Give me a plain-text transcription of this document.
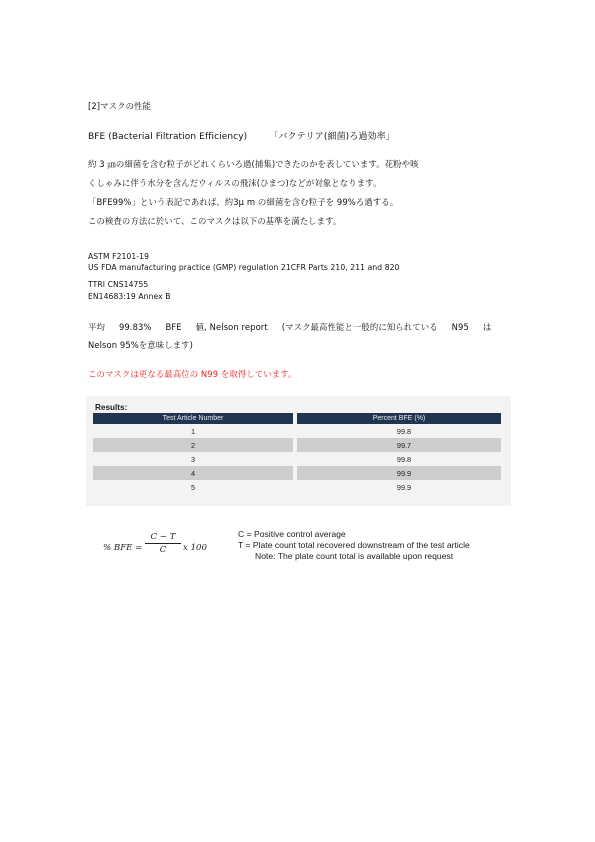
[2]マスクの性能
BFE (Bacterial Filtration Efficiency) 「バクテリア(細菌)ろ過効率」
約 3 ㎛の細菌を含む粒子がどれくらいろ過(捕集)できたのかを表しています。花粉や咳
くしゃみに伴う水分を含んだウィルスの飛沫(ひまつ)などが対象となります。
「BFE99%」という表記であれば、約3μ m の細菌を含む粒子を 99%ろ過する。
この検査の方法に於いて、このマスクは以下の基準を満たします。
ASTM F2101-19
US FDA manufacturing practice (GMP) regulation 21CFR Parts 210, 211 and 820
TTRI CNS14755
EN14683:19 Annex B
平均 99.83% BFE 値, Nelson report (マスク最高性能と一般的に知られている N95 は
Nelson 95%を意味します)
このマスクは更なる最高位の N99 を取得しています。
Results:
Test Article Number	Percent BFE (%)
1	99.8
2	99.7
3	99.8
4	99.9
5	99.9
% BFE = $\frac{C - T}{C}$ x 100
C = Positive control average
T = Plate count total recovered downstream of the test article
Note: The plate count total is available upon request
